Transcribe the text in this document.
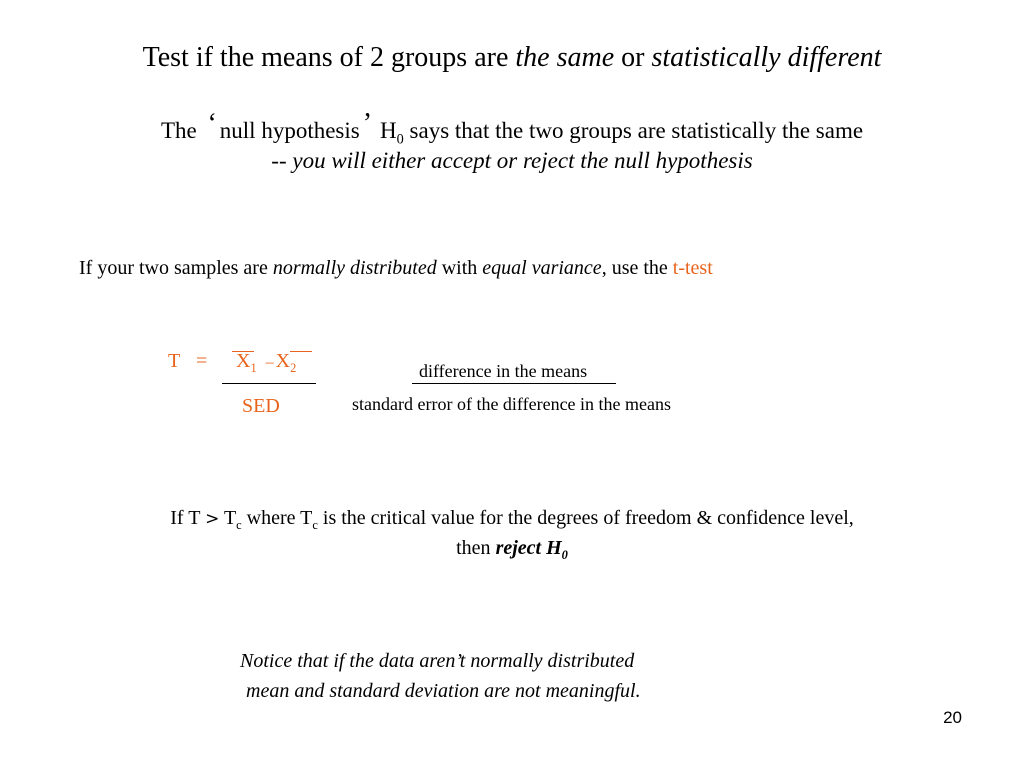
Test if the means of 2 groups are the same or statistically different
The ‘ null hypothesis ’ $H_0$ says that the two groups are statistically the same
-- you will either accept or reject the null hypothesis
If your two samples are normally distributed with equal variance, use the t-test
$T = X_1 - X_2$
SED
difference in the means
standard error of the difference in the means
If $T > T_c$ where $T_c$ is the critical value for the degrees of freedom & confidence level,
then reject $H_0$
Notice that if the data aren’t normally distributed
mean and standard deviation are not meaningful.
20
